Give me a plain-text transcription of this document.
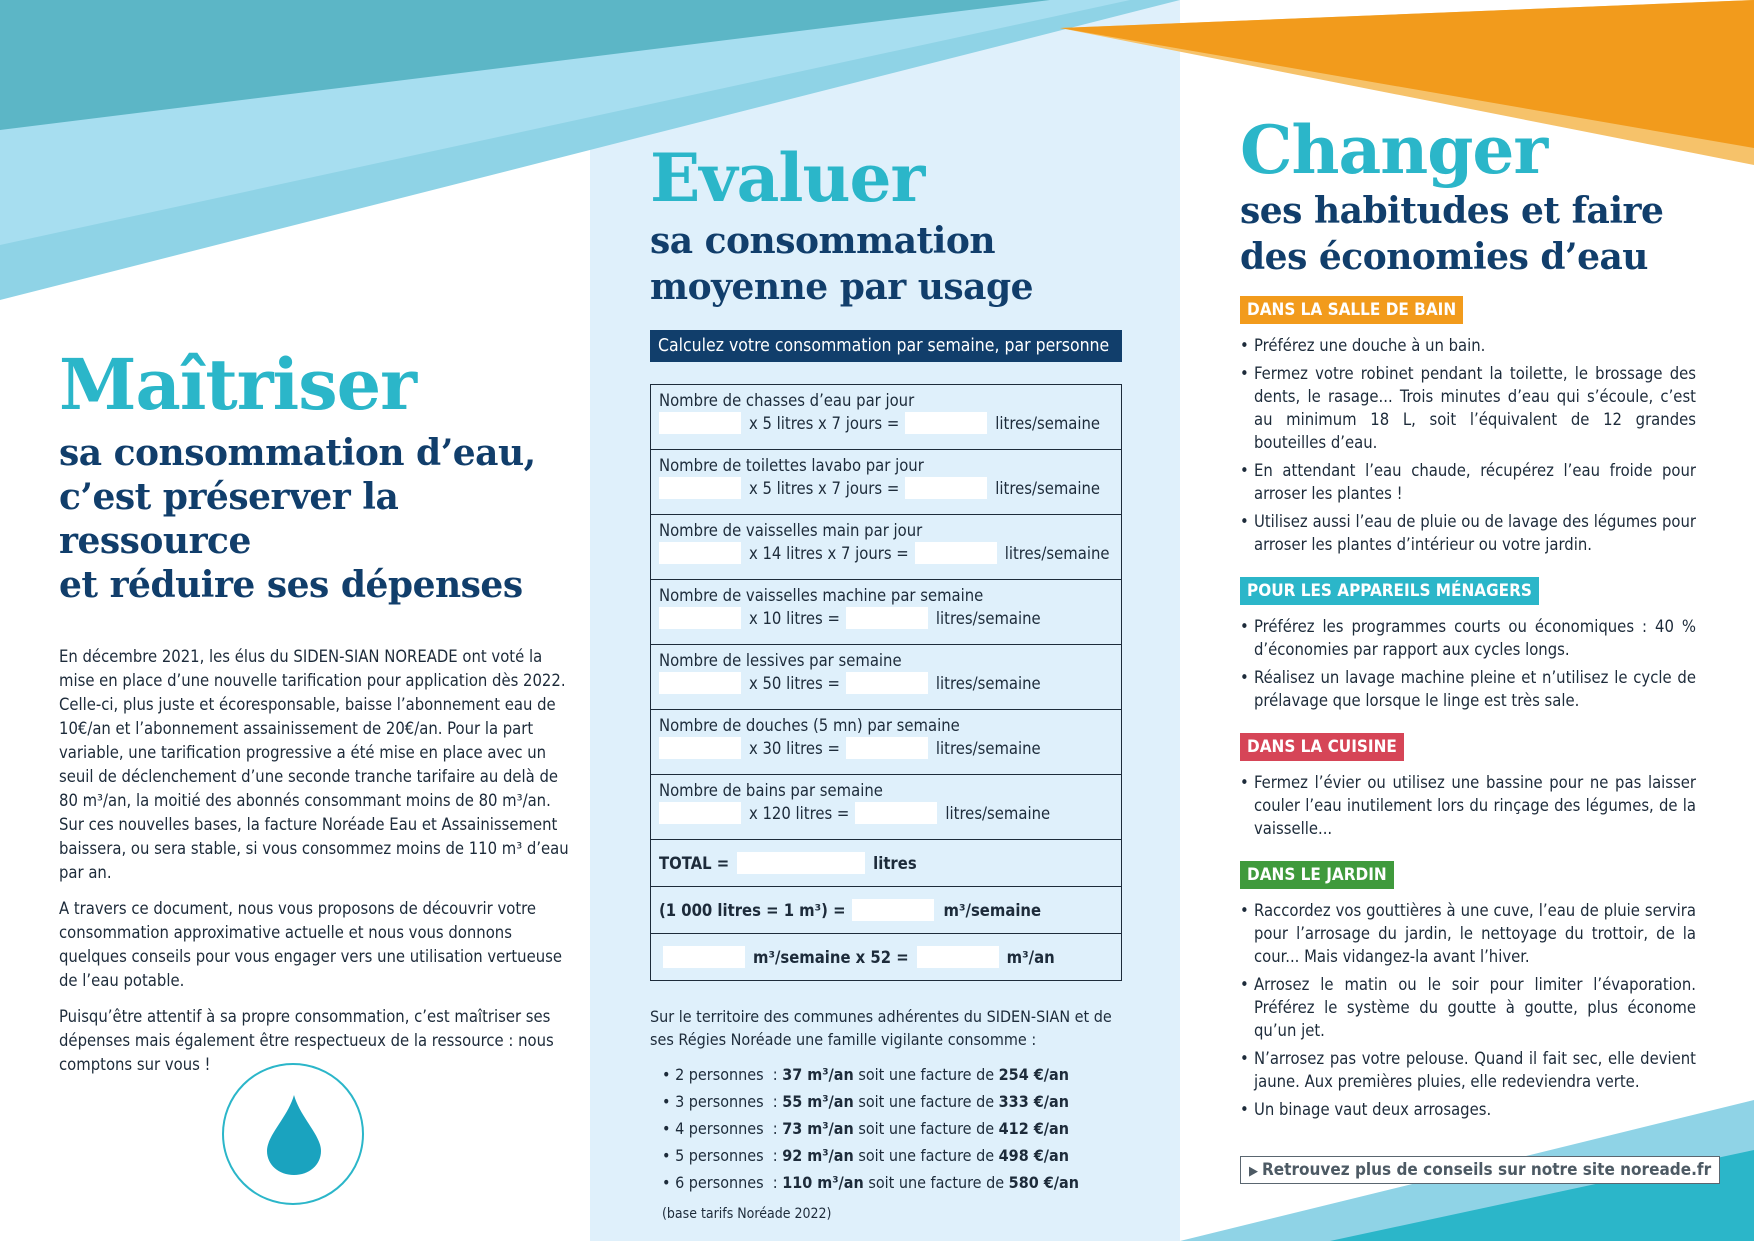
Maîtriser
sa consommation d’eau,
c’est préserver la ressource
et réduire ses dépenses

En décembre 2021, les élus du SIDEN-SIAN NOREADE ont voté la mise en place d’une nouvelle tarification pour application dès 2022. Celle-ci, plus juste et écoresponsable, baisse l’abonnement eau de 10€/an et l’abonnement assainissement de 20€/an. Pour la part variable, une tarification progressive a été mise en place avec un seuil de déclenchement d’une seconde tranche tarifaire au delà de 80 m³/an, la moitié des abonnés consommant moins de 80 m³/an. Sur ces nouvelles bases, la facture Noréade Eau et Assainissement baissera, ou sera stable, si vous consommez moins de 110 m³ d’eau par an.

A travers ce document, nous vous proposons de découvrir votre consommation approximative actuelle et nous vous donnons quelques conseils pour vous engager vers une utilisation vertueuse de l’eau potable.

Puisqu’être attentif à sa propre consommation, c’est maîtriser ses dépenses mais également être respectueux de la ressource : nous comptons sur vous !

Evaluer
sa consommation
moyenne par usage
Calculez votre consommation par semaine, par personne
Nombre de chasses d’eau par jour
x 5 litres x 7 jours =	litres/semaine

Nombre de toilettes lavabo par jour
x 5 litres x 7 jours =	litres/semaine

Nombre de vaisselles main par jour
x 14 litres x 7 jours =	litres/semaine

Nombre de vaisselles machine par semaine
x 10 litres =	litres/semaine

Nombre de lessives par semaine
x 50 litres =	litres/semaine

Nombre de douches (5 mn) par semaine
x 30 litres =	litres/semaine

Nombre de bains par semaine
x 120 litres =	litres/semaine

TOTAL =	litres

(1 000 litres = 1 m³) =	m³/semaine

m³/semaine x 52 =	m³/an
Sur le territoire des communes adhérentes du SIDEN-SIAN et de ses Régies Noréade une famille vigilante consomme :
• 2 personnes  : 37 m³/an soit une facture de 254 €/an
• 3 personnes  : 55 m³/an soit une facture de 333 €/an
• 4 personnes  : 73 m³/an soit une facture de 412 €/an
• 5 personnes  : 92 m³/an soit une facture de 498 €/an
• 6 personnes  : 110 m³/an soit une facture de 580 €/an
(base tarifs Noréade 2022)
Changer
ses habitudes et faire
des économies d’eau
DANS LA SALLE DE BAIN
• Préférez une douche à un bain.
• Fermez votre robinet pendant la toilette, le brossage des dents, le rasage... Trois minutes d’eau qui s’écoule, c’est au minimum 18 L, soit l’équivalent de 12 grandes bouteilles d’eau.
• En attendant l’eau chaude, récupérez l’eau froide pour arroser les plantes !
• Utilisez aussi l’eau de pluie ou de lavage des légumes pour arroser les plantes d’intérieur ou votre jardin.
POUR LES APPAREILS MÉNAGERS
• Préférez les programmes courts ou économiques : 40 % d’économies par rapport aux cycles longs.
• Réalisez un lavage machine pleine et n’utilisez le cycle de prélavage que lorsque le linge est très sale.
DANS LA CUISINE
• Fermez l’évier ou utilisez une bassine pour ne pas laisser couler l’eau inutilement lors du rinçage des légumes, de la vaisselle...
DANS LE JARDIN
• Raccordez vos gouttières à une cuve, l’eau de pluie servira pour l’arrosage du jardin, le nettoyage du trottoir, de la cour... Mais vidangez-la avant l’hiver.
• Arrosez le matin ou le soir pour limiter l’évaporation. Préférez le système du goutte à goutte, plus économe qu’un jet.
• N’arrosez pas votre pelouse. Quand il fait sec, elle devient jaune. Aux premières pluies, elle redeviendra verte.
• Un binage vaut deux arrosages.
▶ Retrouvez plus de conseils sur notre site noreade.fr
